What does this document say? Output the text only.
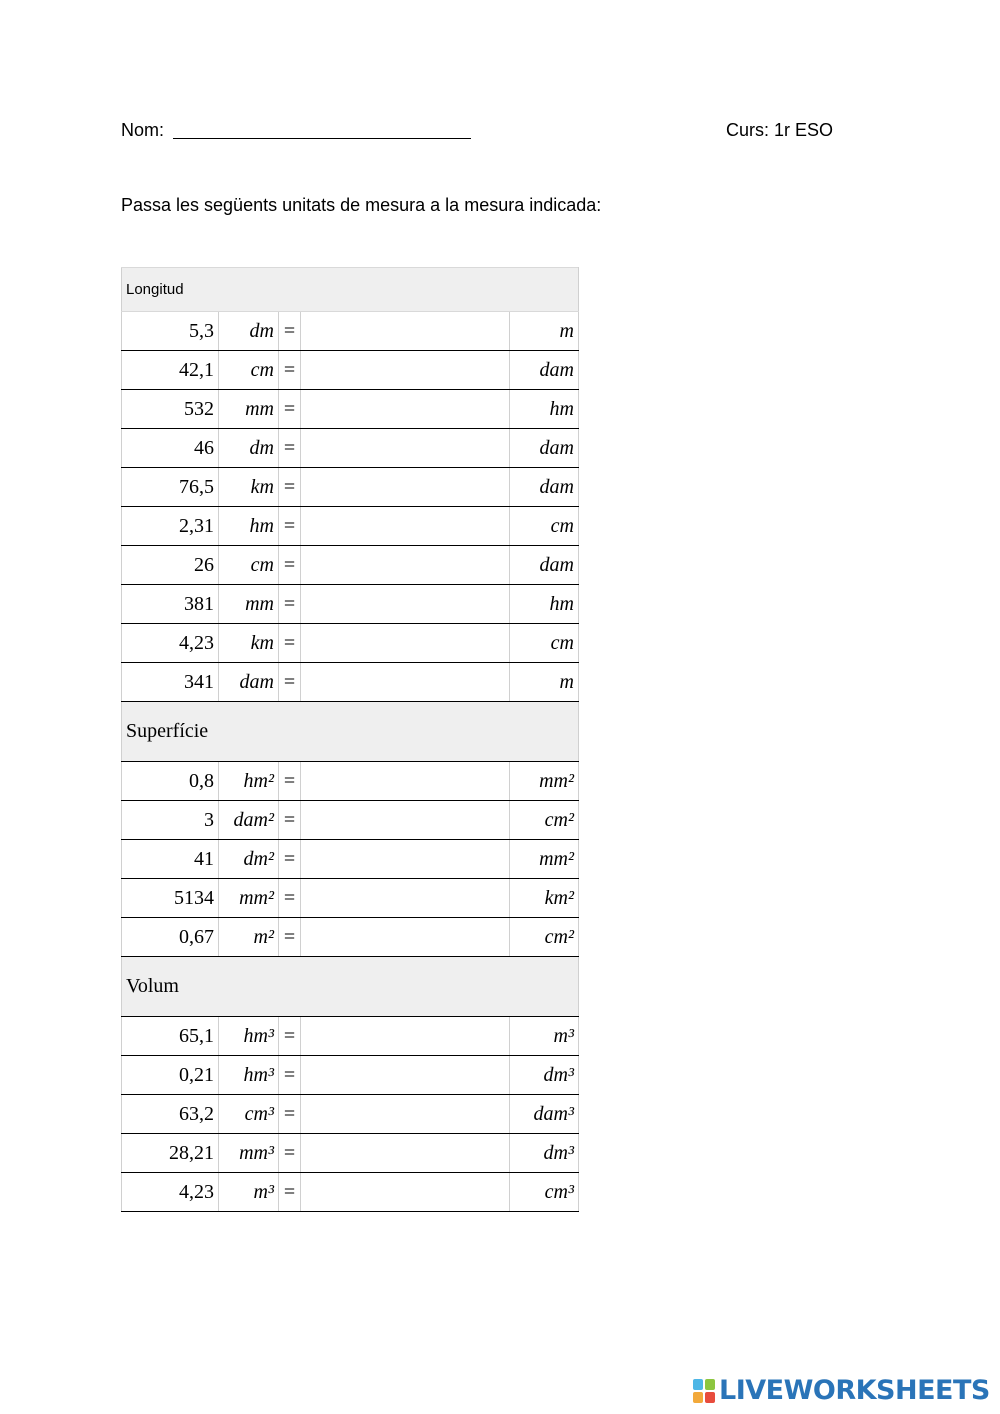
Nom:	Curs: 1r ESO
Passa les següents unitats de mesura a la mesura indicada:
Longitud				
5,3	dm	=		m
42,1	cm	=		dam
532	mm	=		hm
46	dm	=		dam
76,5	km	=		dam
2,31	hm	=		cm
26	cm	=		dam
381	mm	=		hm
4,23	km	=		cm
341	dam	=		m
Superfície				
0,8	hm²	=		mm²
3	dam²	=		cm²
41	dm²	=		mm²
5134	mm²	=		km²
0,67	m²	=		cm²
Volum				
65,1	hm³	=		m³
0,21	hm³	=		dm³
63,2	cm³	=		dam³
28,21	mm³	=		dm³
4,23	m³	=		cm³
LIVEWORKSHEETS
